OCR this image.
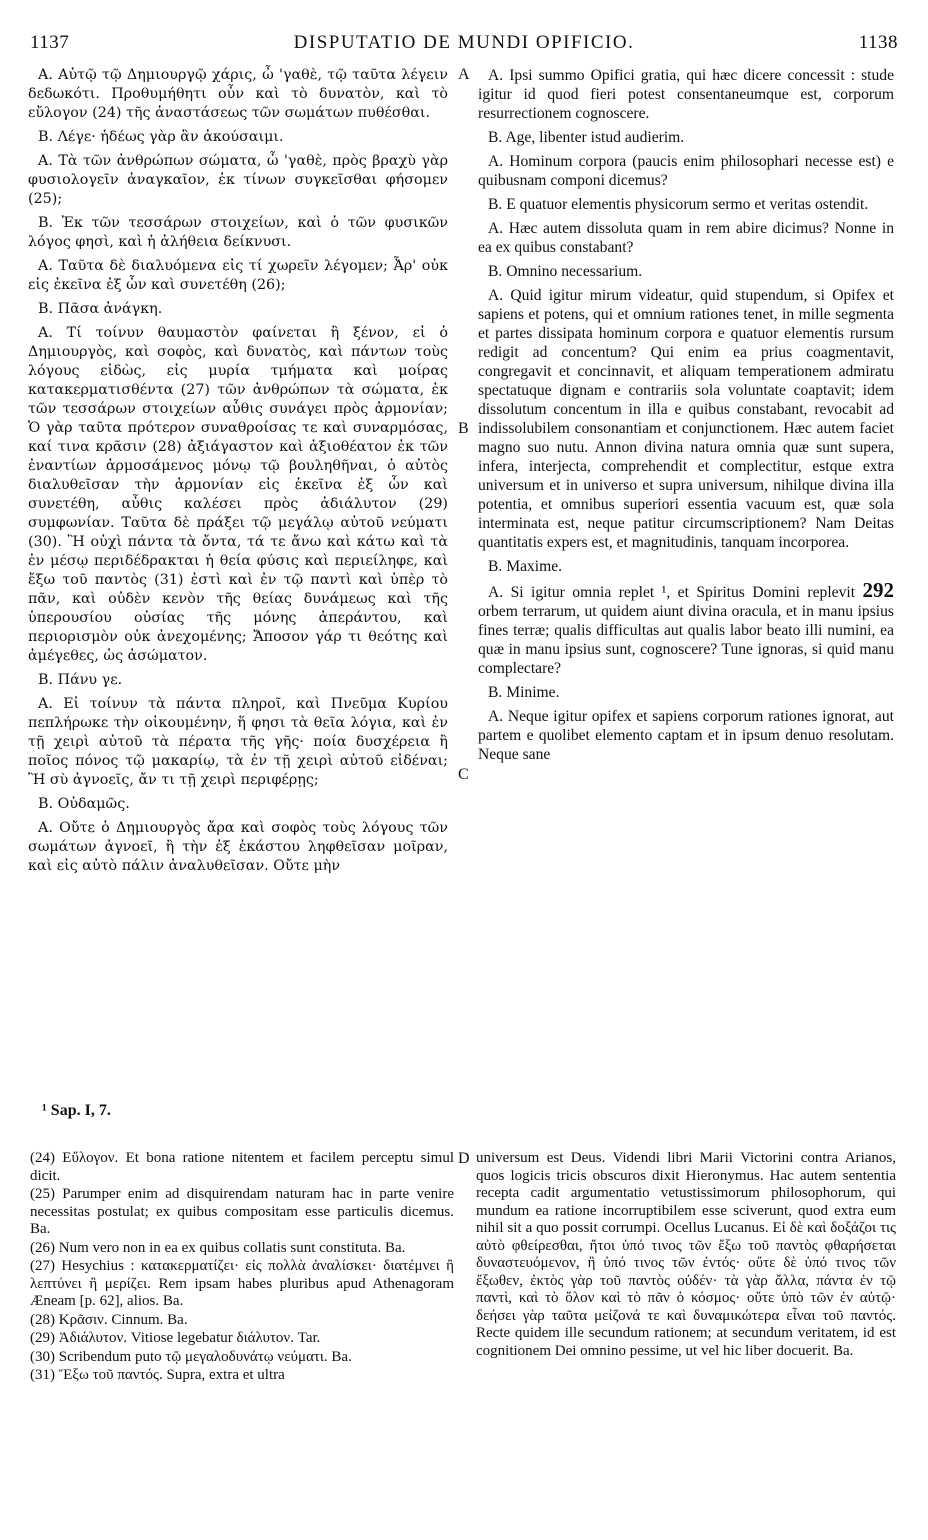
1137	DISPUTATIO DE MUNDI OPIFICIO.	1138

Α. Αὐτῷ τῷ Δημιουργῷ χάρις, ὦ 'γαθὲ, τῷ ταῦτα λέγειν δεδωκότι. Προθυμήθητι οὖν καὶ τὸ δυνατὸν, καὶ τὸ εὔλογον (24) τῆς ἀναστάσεως τῶν σωμάτων πυθέσθαι.

Β. Λέγε· ἡδέως γὰρ ἂν ἀκούσαιμι.

Α. Τὰ τῶν ἀνθρώπων σώματα, ὦ 'γαθὲ, πρὸς βραχὺ γὰρ φυσιολογεῖν ἀναγκαῖον, ἐκ τίνων συγκεῖσθαι φήσομεν (25);

Β. Ἐκ τῶν τεσσάρων στοιχείων, καὶ ὁ τῶν φυσικῶν λόγος φησὶ, καὶ ἡ ἀλήθεια δείκνυσι.

Α. Ταῦτα δὲ διαλυόμενα εἰς τί χωρεῖν λέγομεν; Ἆρ' οὐκ εἰς ἐκεῖνα ἐξ ὧν καὶ συνετέθη (26);

Β. Πᾶσα ἀνάγκη.

Α. Τί τοίνυν θαυμαστὸν φαίνεται ἢ ξένον, εἰ ὁ Δημιουργὸς, καὶ σοφὸς, καὶ δυνατὸς, καὶ πάντων τοὺς λόγους εἰδὼς, εἰς μυρία τμήματα καὶ μοίρας κατακερματισθέντα (27) τῶν ἀνθρώπων τὰ σώματα, ἐκ τῶν τεσσάρων στοιχείων αὖθις συνάγει πρὸς ἁρμονίαν; Ὁ γὰρ ταῦτα πρότερον συναθροίσας τε καὶ συναρμόσας, καί τινα κρᾶσιν (28) ἀξιάγαστον καὶ ἀξιοθέατον ἐκ τῶν ἐναντίων ἁρμοσάμενος μόνῳ τῷ βουληθῆναι, ὁ αὐτὸς διαλυθεῖσαν τὴν ἁρμονίαν εἰς ἐκεῖνα ἐξ ὧν καὶ συνετέθη, αὖθις καλέσει πρὸς ἀδιάλυτον (29) συμφωνίαν. Ταῦτα δὲ πράξει τῷ μεγάλῳ αὐτοῦ νεύματι (30). Ἢ οὐχὶ πάντα τὰ ὄντα, τά τε ἄνω καὶ κάτω καὶ τὰ ἐν μέσῳ περιδέδρακται ἡ θεία φύσις καὶ περιείληφε, καὶ ἔξω τοῦ παντὸς (31) ἐστὶ καὶ ἐν τῷ παντὶ καὶ ὑπὲρ τὸ πᾶν, καὶ οὐδὲν κενὸν τῆς θείας δυνάμεως καὶ τῆς ὑπερουσίου οὐσίας τῆς μόνης ἀπεράντου, καὶ περιορισμὸν οὐκ ἀνεχομένης; Ἄποσον γάρ τι θεότης καὶ ἀμέγεθες, ὡς ἀσώματον.

Β. Πάνυ γε.

Α. Εἰ τοίνυν τὰ πάντα πληροῖ, καὶ Πνεῦμα Κυρίου πεπλήρωκε τὴν οἰκουμένην, ἥ φησι τὰ θεῖα λόγια, καὶ ἐν τῇ χειρὶ αὐτοῦ τὰ πέρατα τῆς γῆς· ποία δυσχέρεια ἢ ποῖος πόνος τῷ μακαρίῳ, τὰ ἐν τῇ χειρὶ αὐτοῦ εἰδέναι; Ἢ σὺ ἀγνοεῖς, ἄν τι τῇ χειρὶ περιφέρῃς;

Β. Οὐδαμῶς.

Α. Οὔτε ὁ Δημιουργὸς ἄρα καὶ σοφὸς τοὺς λόγους τῶν σωμάτων ἀγνοεῖ, ἢ τὴν ἐξ ἑκάστου ληφθεῖσαν μοῖραν, καὶ εἰς αὐτὸ πάλιν ἀναλυθεῖσαν. Οὔτε μὴν

A
B
C
D

A. Ipsi summo Opifici gratia, qui hæc dicere concessit : stude igitur id quod fieri potest consentaneumque est, corporum resurrectionem cognoscere.

B. Age, libenter istud audierim.

A. Hominum corpora (paucis enim philosophari necesse est) e quibusnam componi dicemus?

B. E quatuor elementis physicorum sermo et veritas ostendit.

A. Hæc autem dissoluta quam in rem abire dicimus? Nonne in ea ex quibus constabant?

B. Omnino necessarium.

A. Quid igitur mirum videatur, quid stupendum, si Opifex et sapiens et potens, qui et omnium rationes tenet, in mille segmenta et partes dissipata hominum corpora e quatuor elementis rursum redigit ad concentum? Qui enim ea prius coagmentavit, congregavit et concinnavit, et aliquam temperationem admiratu spectatuque dignam e contrariis sola voluntate coaptavit; idem dissolutum concentum in illa e quibus constabant, revocabit ad indissolubilem consonantiam et conjunctionem. Hæc autem faciet magno suo nutu. Annon divina natura omnia quæ sunt supera, infera, interjecta, comprehendit et complectitur, estque extra universum et in universo et supra universum, nihilque divina illa potentia, et omnibus superiori essentia vacuum est, quæ sola interminata est, neque patitur circumscriptionem? Nam Deitas quantitatis expers est, et magnitudinis, tanquam incorporea.

B. Maxime.

A. Si igitur omnia replet ¹, et Spiritus Domini replevit 292 orbem terrarum, ut quidem aiunt divina oracula, et in manu ipsius fines terræ; qualis difficultas aut qualis labor beato illi numini, ea quæ in manu ipsius sunt, cognoscere? Tune ignoras, si quid manu complectare?

B. Minime.

A. Neque igitur opifex et sapiens corporum rationes ignorat, aut partem e quolibet elemento captam et in ipsum denuo resolutam. Neque sane

¹ Sap. I, 7.

(24) Εὔλογον. Et bona ratione nitentem et facilem perceptu simul dicit.

(25) Parumper enim ad disquirendam naturam hac in parte venire necessitas postulat; ex quibus compositam esse particulis dicemus. Ba.

(26) Num vero non in ea ex quibus collatis sunt constituta. Ba.

(27) Hesychius : κατακερματίζει· εἰς πολλὰ ἀναλίσκει· διατέμνει ἢ λεπτύνει ἢ μερίζει. Rem ipsam habes pluribus apud Athenagoram Æneam [p. 62], alios. Ba.

(28) Κρᾶσιν. Cinnum. Ba.

(29) Ἀδιάλυτον. Vitiose legebatur διάλυτον. Tar.

(30) Scribendum puto τῷ μεγαλοδυνάτῳ νεύματι. Ba.

(31) Ἔξω τοῦ παντός. Supra, extra et ultra

universum est Deus. Videndi libri Marii Victorini contra Arianos, quos logicis tricis obscuros dixit Hieronymus. Hac autem sententia recepta cadit argumentatio vetustissimorum philosophorum, qui mundum ea ratione incorruptibilem esse sciverunt, quod extra eum nihil sit a quo possit corrumpi. Ocellus Lucanus. Εἰ δὲ καὶ δοξάζοι τις αὐτὸ φθείρεσθαι, ἤτοι ὑπό τινος τῶν ἔξω τοῦ παντὸς φθαρήσεται δυναστευόμενον, ἢ ὑπό τινος τῶν ἐντός· οὔτε δὲ ὑπό τινος τῶν ἔξωθεν, ἐκτὸς γὰρ τοῦ παντὸς οὐδέν· τὰ γὰρ ἄλλα, πάντα ἐν τῷ παντὶ, καὶ τὸ ὅλον καὶ τὸ πᾶν ὁ κόσμος· οὔτε ὑπὸ τῶν ἐν αὐτῷ· δεήσει γὰρ ταῦτα μείζονά τε καὶ δυναμικώτερα εἶναι τοῦ παντός. Recte quidem ille secundum rationem; at secundum veritatem, id est cognitionem Dei omnino pessime, ut vel hic liber docuerit. Ba.
